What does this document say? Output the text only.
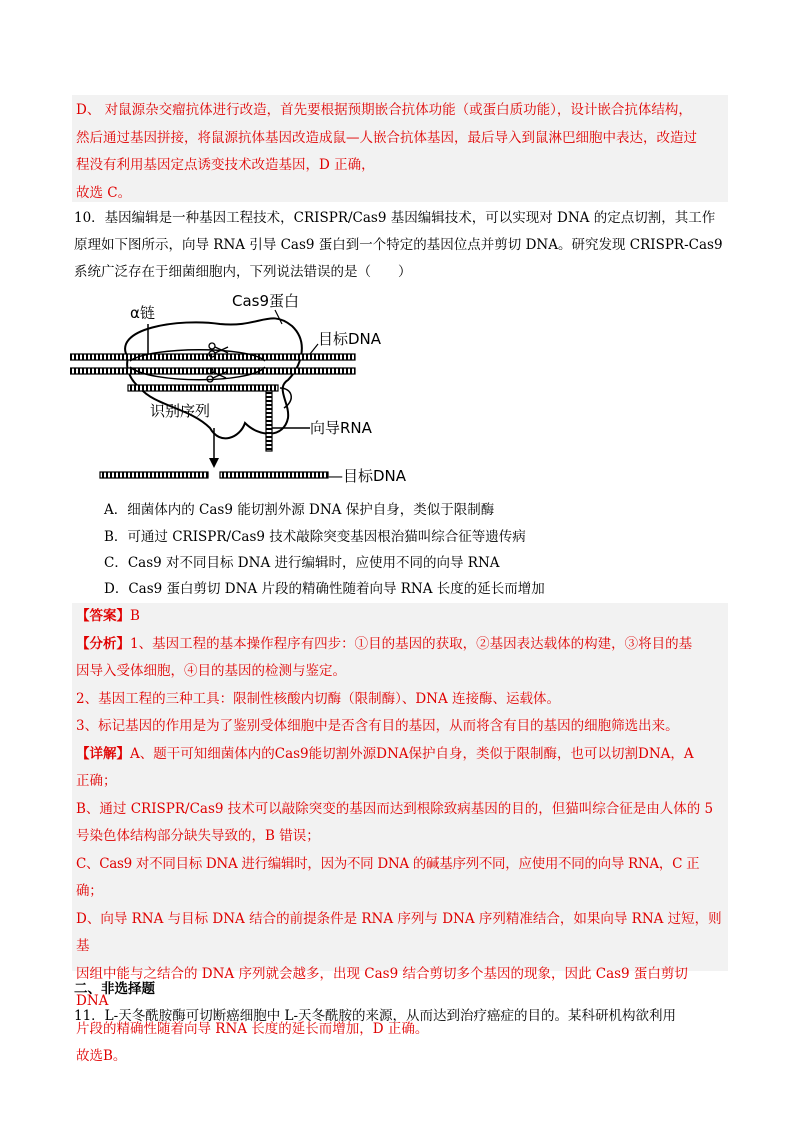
D、 对鼠源杂交瘤抗体进行改造，首先要根据预期嵌合抗体功能（或蛋白质功能），设计嵌合抗体结构，

然后通过基因拼接，将鼠源抗体基因改造成鼠—人嵌合抗体基因，最后导入到鼠淋巴细胞中表达，改造过

程没有利用基因定点诱变技术改造基因，D 正确，

故选 C。

10．基因编辑是一种基因工程技术，CRISPR/Cas9 基因编辑技术，可以实现对 DNA 的定点切割，其工作

原理如下图所示，向导 RNA 引导 Cas9 蛋白到一个特定的基因位点并剪切 DNA。研究发现 CRISPR-Cas9

系统广泛存在于细菌细胞内，下列说法错误的是（　　）

Cas9蛋白
α链
目标DNA
识别序列
向导RNA
—目标DNA
A．细菌体内的 Cas9 能切割外源 DNA 保护自身，类似于限制酶
B．可通过 CRISPR/Cas9 技术敲除突变基因根治猫叫综合征等遗传病
C．Cas9 对不同目标 DNA 进行编辑时，应使用不同的向导 RNA
D．Cas9 蛋白剪切 DNA 片段的精确性随着向导 RNA 长度的延长而增加

【答案】B

【分析】1、基因工程的基本操作程序有四步：①目的基因的获取，②基因表达载体的构建，③将目的基

因导入受体细胞，④目的基因的检测与鉴定。

2、基因工程的三种工具：限制性核酸内切酶（限制酶）、DNA 连接酶、运载体。

3、标记基因的作用是为了鉴别受体细胞中是否含有目的基因，从而将含有目的基因的细胞筛选出来。

【详解】A、题干可知细菌体内的Cas9能切割外源DNA保护自身，类似于限制酶，也可以切割DNA，A

正确；

B、通过 CRISPR/Cas9 技术可以敲除突变的基因而达到根除致病基因的目的，但猫叫综合征是由人体的 5

号染色体结构部分缺失导致的，B 错误；

C、Cas9 对不同目标 DNA 进行编辑时，因为不同 DNA 的碱基序列不同，应使用不同的向导 RNA，C 正确；

D、向导 RNA 与目标 DNA 结合的前提条件是 RNA 序列与 DNA 序列精准结合，如果向导 RNA 过短，则基

因组中能与之结合的 DNA 序列就会越多，出现 Cas9 结合剪切多个基因的现象，因此 Cas9 蛋白剪切 DNA

片段的精确性随着向导 RNA 长度的延长而增加，D 正确。

故选B。

二、非选择题
11．L-天冬酰胺酶可切断癌细胞中 L-天冬酰胺的来源，从而达到治疗癌症的目的。某科研机构欲利用
